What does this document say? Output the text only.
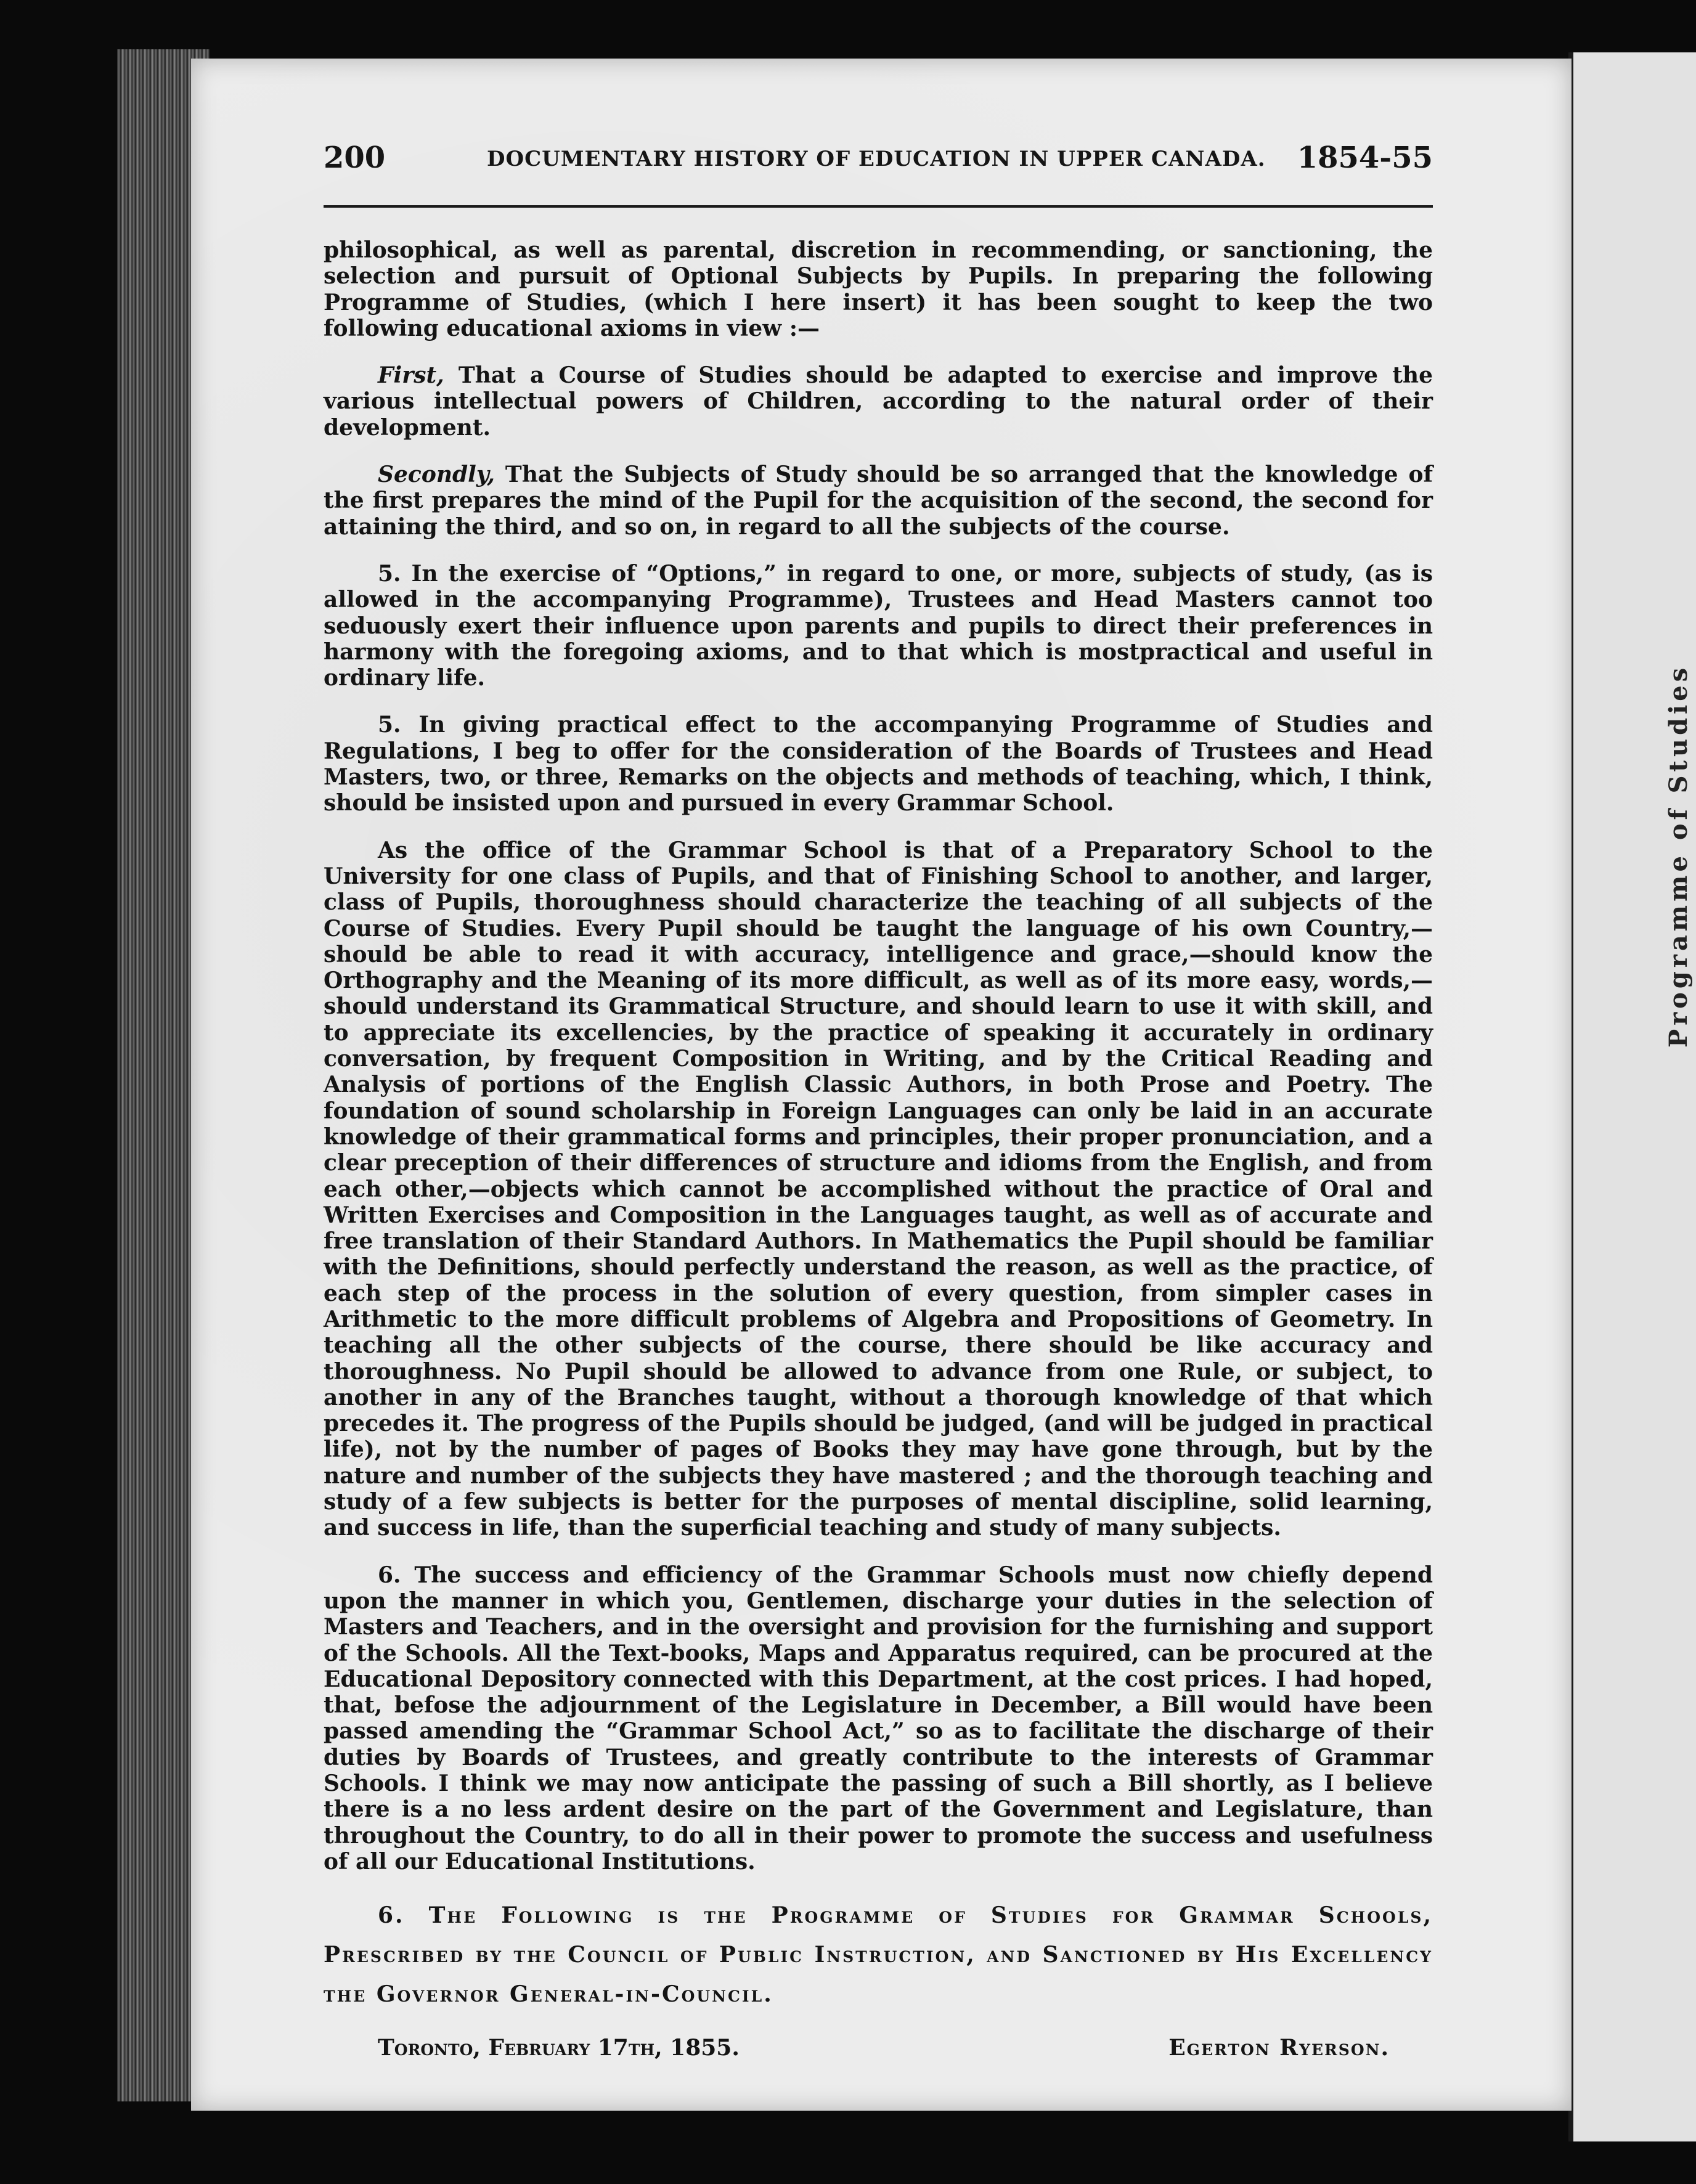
Programme of Studies
200	DOCUMENTARY HISTORY OF EDUCATION IN UPPER CANADA. 1854-55

philosophical, as well as parental, discretion in recommending, or sanctioning, the selection and pursuit of Optional Subjects by Pupils. In preparing the following Programme of Studies, (which I here insert) it has been sought to keep the two following educational axioms in view :—

First, That a Course of Studies should be adapted to exercise and improve the various intellectual powers of Children, according to the natural order of their development.

Secondly, That the Subjects of Study should be so arranged that the knowledge of the first prepares the mind of the Pupil for the acquisition of the second, the second for attaining the third, and so on, in regard to all the subjects of the course.

5. In the exercise of “Options,” in regard to one, or more, subjects of study, (as is allowed in the accompanying Programme), Trustees and Head Masters cannot too seduously exert their influence upon parents and pupils to direct their preferences in harmony with the foregoing axioms, and to that which is mostpractical and useful in ordinary life.

5. In giving practical effect to the accompanying Programme of Studies and Regulations, I beg to offer for the consideration of the Boards of Trustees and Head Masters, two, or three, Remarks on the objects and methods of teaching, which, I think, should be insisted upon and pursued in every Grammar School.

As the office of the Grammar School is that of a Preparatory School to the University for one class of Pupils, and that of Finishing School to another, and larger, class of Pupils, thoroughness should characterize the teaching of all subjects of the Course of Studies. Every Pupil should be taught the language of his own Country,—should be able to read it with accuracy, intelligence and grace,—should know the Orthography and the Meaning of its more difficult, as well as of its more easy, words,—should understand its Grammatical Structure, and should learn to use it with skill, and to appreciate its excellencies, by the practice of speaking it accurately in ordinary conversation, by frequent Composition in Writing, and by the Critical Reading and Analysis of portions of the English Classic Authors, in both Prose and Poetry. The foundation of sound scholarship in Foreign Languages can only be laid in an accurate knowledge of their grammatical forms and principles, their proper pronunciation, and a clear preception of their differences of structure and idioms from the English, and from each other,—objects which cannot be accomplished without the practice of Oral and Written Exercises and Composition in the Languages taught, as well as of accurate and free translation of their Standard Authors. In Mathematics the Pupil should be familiar with the Definitions, should perfectly understand the reason, as well as the practice, of each step of the process in the solution of every question, from simpler cases in Arithmetic to the more difficult problems of Algebra and Propositions of Geometry. In teaching all the other subjects of the course, there should be like accuracy and thoroughness. No Pupil should be allowed to advance from one Rule, or subject, to another in any of the Branches taught, without a thorough knowledge of that which precedes it. The progress of the Pupils should be judged, (and will be judged in practical life), not by the number of pages of Books they may have gone through, but by the nature and number of the subjects they have mastered ; and the thorough teaching and study of a few subjects is better for the purposes of mental discipline, solid learning, and success in life, than the superficial teaching and study of many subjects.

6. The success and efficiency of the Grammar Schools must now chiefly depend upon the manner in which you, Gentlemen, discharge your duties in the selection of Masters and Teachers, and in the oversight and provision for the furnishing and support of the Schools. All the Text-books, Maps and Apparatus required, can be procured at the Educational Depository connected with this Department, at the cost prices. I had hoped, that, befose the adjournment of the Legislature in December, a Bill would have been passed amending the “Grammar School Act,” so as to facilitate the discharge of their duties by Boards of Trustees, and greatly contribute to the interests of Grammar Schools. I think we may now anticipate the passing of such a Bill shortly, as I believe there is a no less ardent desire on the part of the Government and Legislature, than throughout the Country, to do all in their power to promote the success and usefulness of all our Educational Institutions.

6. The Following is the Programme of Studies for Grammar Schools, Prescribed by the Council of Public Instruction, and Sanctioned by His Excellency the Governor General-in-Council.

Toronto, February 17th, 1855.	Egerton Ryerson.
